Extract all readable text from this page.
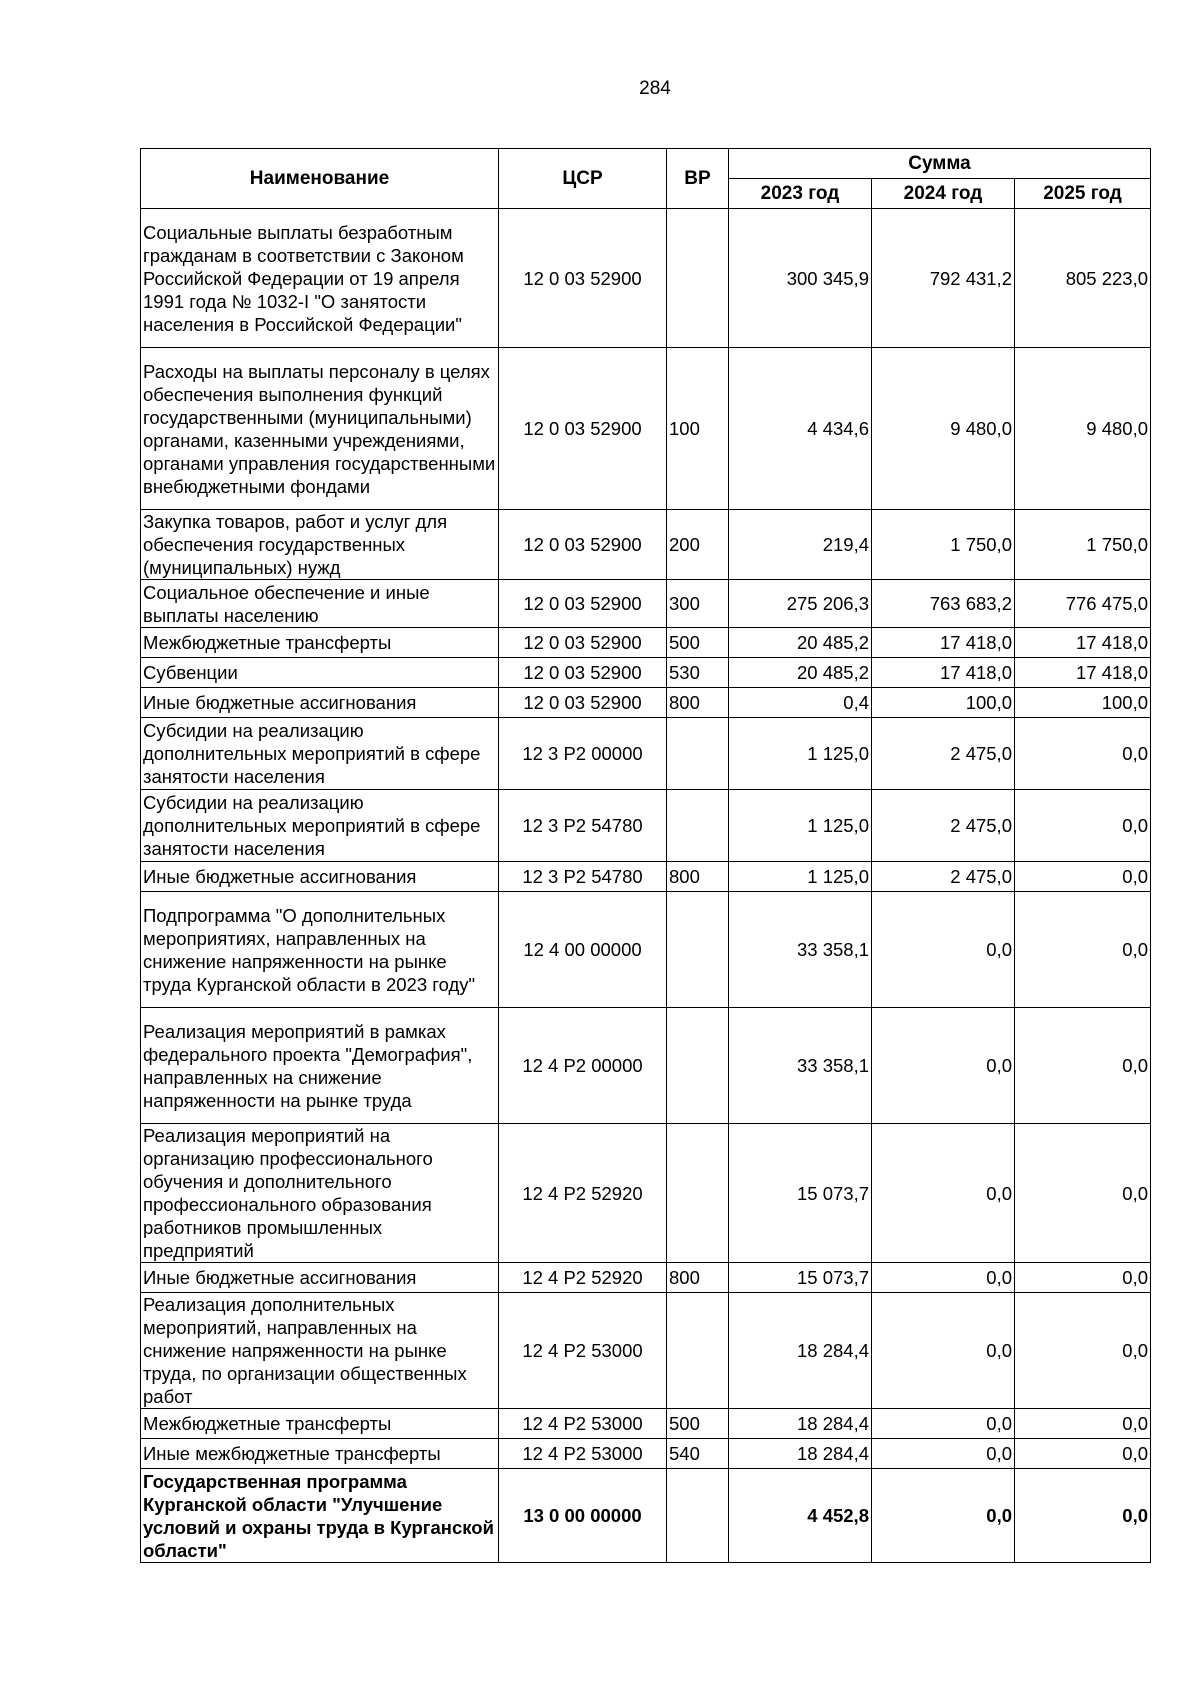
284
Наименование	ЦСР	ВР	Сумма		
			2023 год	2024 год	2025 год
Социальные выплаты безработным гражданам в соответствии с Законом Российской Федерации от 19 апреля 1991 года № 1032-I "О занятости населения в Российской Федерации"	12 0 03 52900		300 345,9	792 431,2	805 223,0
Расходы на выплаты персоналу в целях обеспечения выполнения функций государственными (муниципальными) органами, казенными учреждениями, органами управления государственными внебюджетными фондами	12 0 03 52900	100	4 434,6	9 480,0	9 480,0
Закупка товаров, работ и услуг для обеспечения государственных (муниципальных) нужд	12 0 03 52900	200	219,4	1 750,0	1 750,0
Социальное обеспечение и иные выплаты населению	12 0 03 52900	300	275 206,3	763 683,2	776 475,0
Межбюджетные трансферты	12 0 03 52900	500	20 485,2	17 418,0	17 418,0
Субвенции	12 0 03 52900	530	20 485,2	17 418,0	17 418,0
Иные бюджетные ассигнования	12 0 03 52900	800	0,4	100,0	100,0
Субсидии на реализацию дополнительных мероприятий в сфере занятости населения	12 3 P2 00000		1 125,0	2 475,0	0,0
Субсидии на реализацию дополнительных мероприятий в сфере занятости населения	12 3 P2 54780		1 125,0	2 475,0	0,0
Иные бюджетные ассигнования	12 3 P2 54780	800	1 125,0	2 475,0	0,0
Подпрограмма "О дополнительных мероприятиях, направленных на снижение напряженности на рынке труда Курганской области в 2023 году"	12 4 00 00000		33 358,1	0,0	0,0
Реализация мероприятий в рамках федерального проекта "Демография", направленных на снижение напряженности на рынке труда	12 4 P2 00000		33 358,1	0,0	0,0
Реализация мероприятий на организацию профессионального обучения и дополнительного профессионального образования работников промышленных предприятий	12 4 P2 52920		15 073,7	0,0	0,0
Иные бюджетные ассигнования	12 4 P2 52920	800	15 073,7	0,0	0,0
Реализация дополнительных мероприятий, направленных на снижение напряженности на рынке труда, по организации общественных работ	12 4 P2 53000		18 284,4	0,0	0,0
Межбюджетные трансферты	12 4 P2 53000	500	18 284,4	0,0	0,0
Иные межбюджетные трансферты	12 4 P2 53000	540	18 284,4	0,0	0,0
Государственная программа Курганской области "Улучшение условий и охраны труда в Курганской области"	13 0 00 00000		4 452,8	0,0	0,0
